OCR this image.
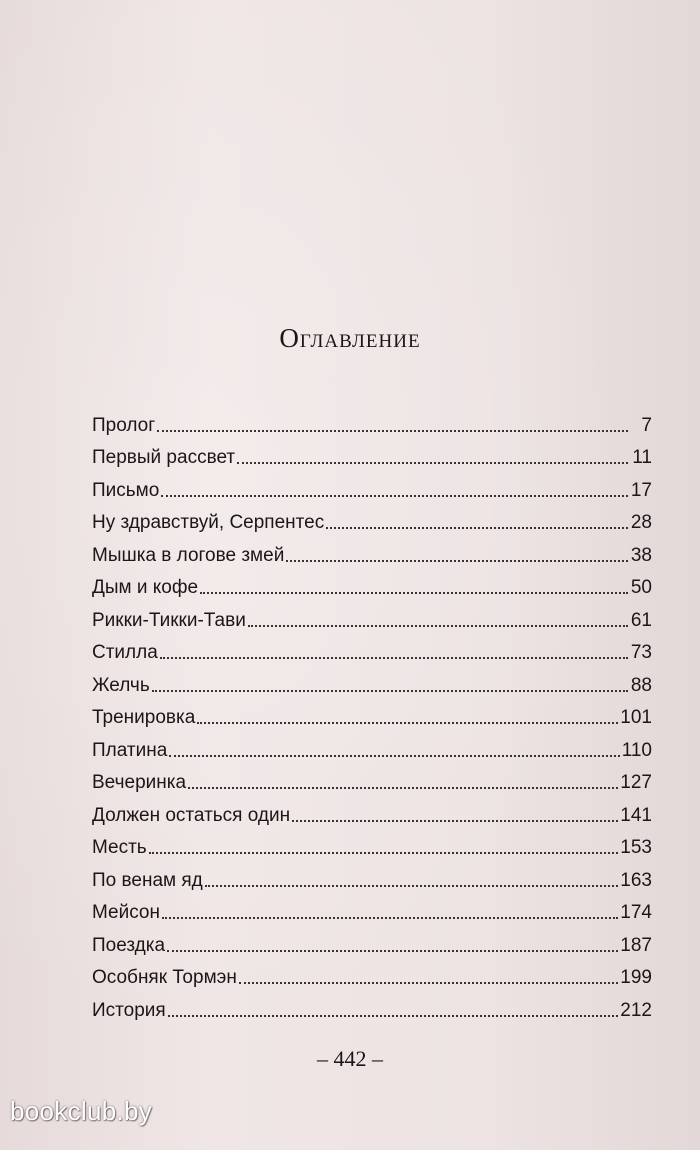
Оглавление
Пролог	7
Первый рассвет	11
Письмо	17
Ну здравствуй, Серпентес	28
Мышка в логове змей	38
Дым и кофе	50
Рикки-Тикки-Тави	61
Стилла	73
Желчь	88
Тренировка	101
Платина	110
Вечеринка	127
Должен остаться один	141
Месть	153
По венам яд	163
Мейсон	174
Поездка	187
Особняк Тормэн	199
История	212
– 442 –
bookclub.by
